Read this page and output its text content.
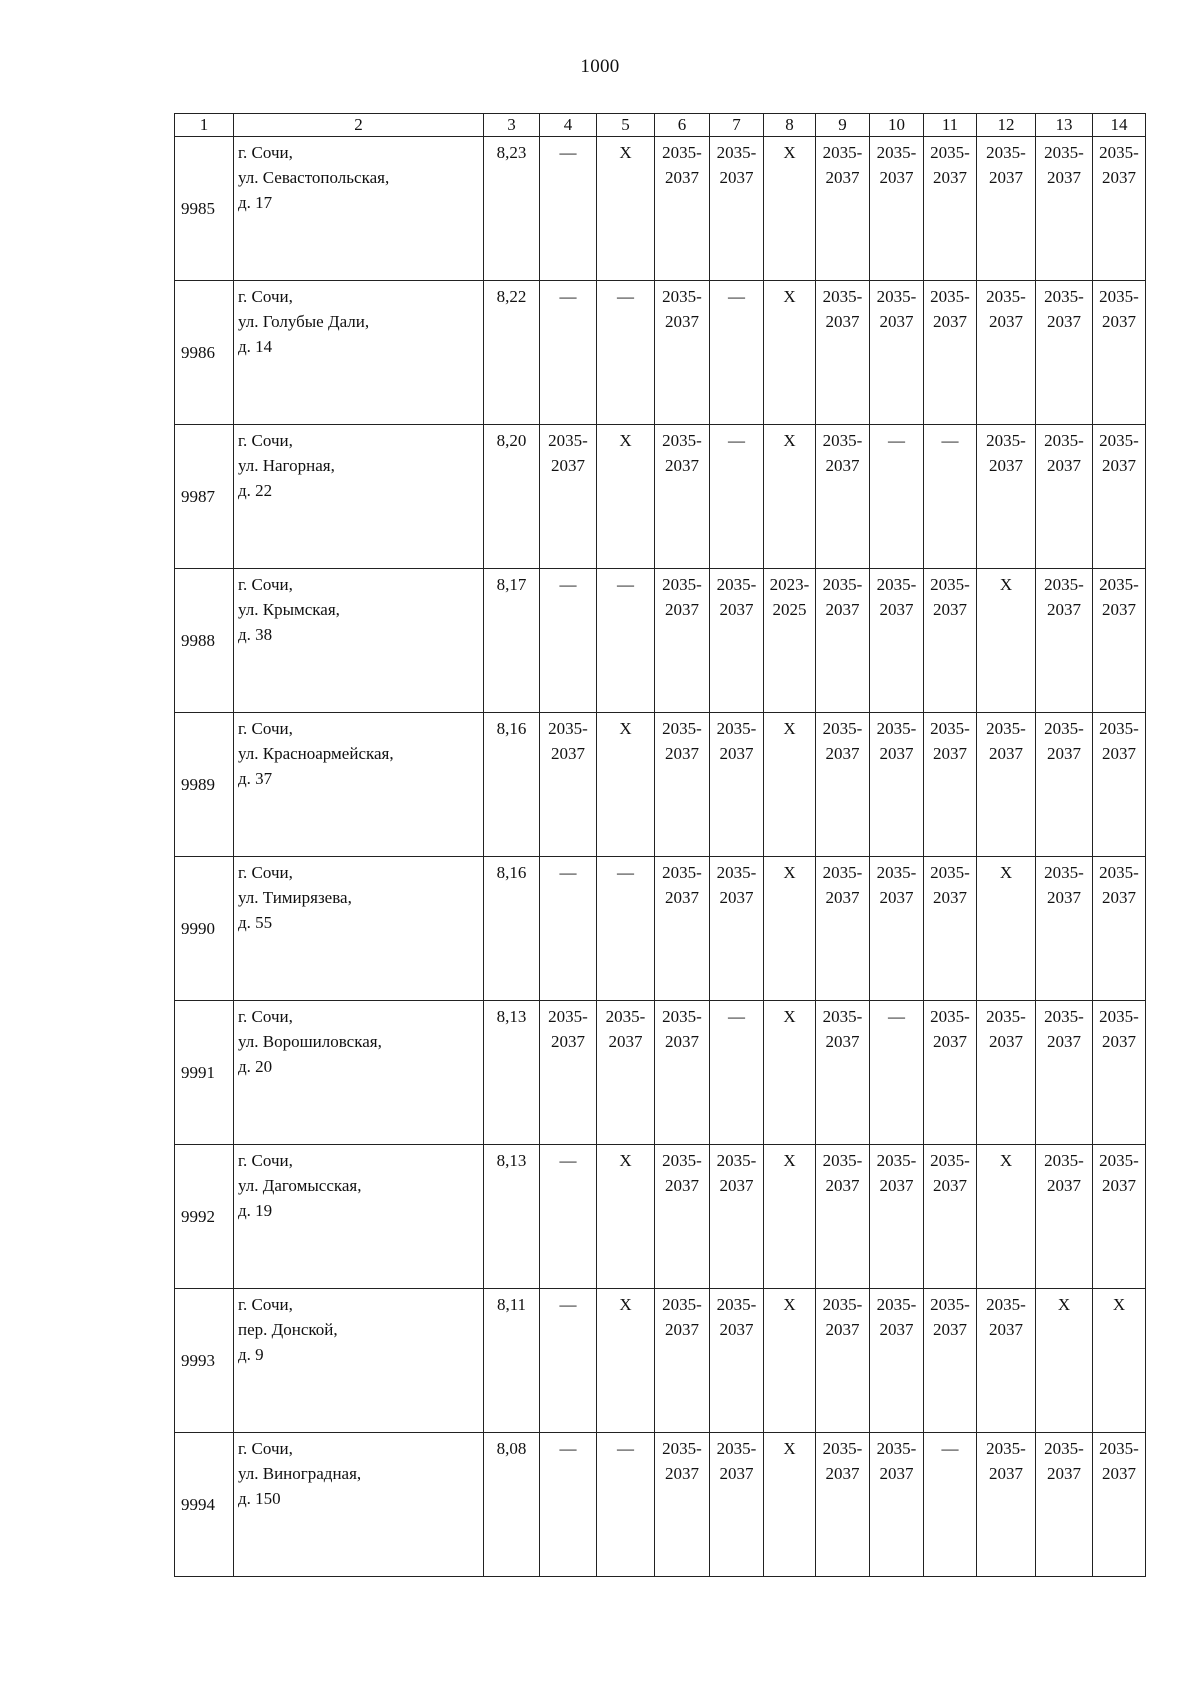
1000
1	2	3	4	5	6	7	8	9	10	11	12	13	14
9985	г. Сочи,
ул. Севастопольская,
д. 17	8,23	—	Х	2035-
2037	2035-
2037	Х	2035-
2037	2035-
2037	2035-
2037	2035-
2037	2035-
2037	2035-
2037
9986	г. Сочи,
ул. Голубые Дали,
д. 14	8,22	—	—	2035-
2037	—	Х	2035-
2037	2035-
2037	2035-
2037	2035-
2037	2035-
2037	2035-
2037
9987	г. Сочи,
ул. Нагорная,
д. 22	8,20	2035-
2037	Х	2035-
2037	—	Х	2035-
2037	—	—	2035-
2037	2035-
2037	2035-
2037
9988	г. Сочи,
ул. Крымская,
д. 38	8,17	—	—	2035-
2037	2035-
2037	2023-
2025	2035-
2037	2035-
2037	2035-
2037	Х	2035-
2037	2035-
2037
9989	г. Сочи,
ул. Красноармейская,
д. 37	8,16	2035-
2037	Х	2035-
2037	2035-
2037	Х	2035-
2037	2035-
2037	2035-
2037	2035-
2037	2035-
2037	2035-
2037
9990	г. Сочи,
ул. Тимирязева,
д. 55	8,16	—	—	2035-
2037	2035-
2037	Х	2035-
2037	2035-
2037	2035-
2037	Х	2035-
2037	2035-
2037
9991	г. Сочи,
ул. Ворошиловская,
д. 20	8,13	2035-
2037	2035-
2037	2035-
2037	—	Х	2035-
2037	—	2035-
2037	2035-
2037	2035-
2037	2035-
2037
9992	г. Сочи,
ул. Дагомысская,
д. 19	8,13	—	Х	2035-
2037	2035-
2037	Х	2035-
2037	2035-
2037	2035-
2037	Х	2035-
2037	2035-
2037
9993	г. Сочи,
пер. Донской,
д. 9	8,11	—	Х	2035-
2037	2035-
2037	Х	2035-
2037	2035-
2037	2035-
2037	2035-
2037	Х	Х
9994	г. Сочи,
ул. Виноградная,
д. 150	8,08	—	—	2035-
2037	2035-
2037	Х	2035-
2037	2035-
2037	—	2035-
2037	2035-
2037	2035-
2037
